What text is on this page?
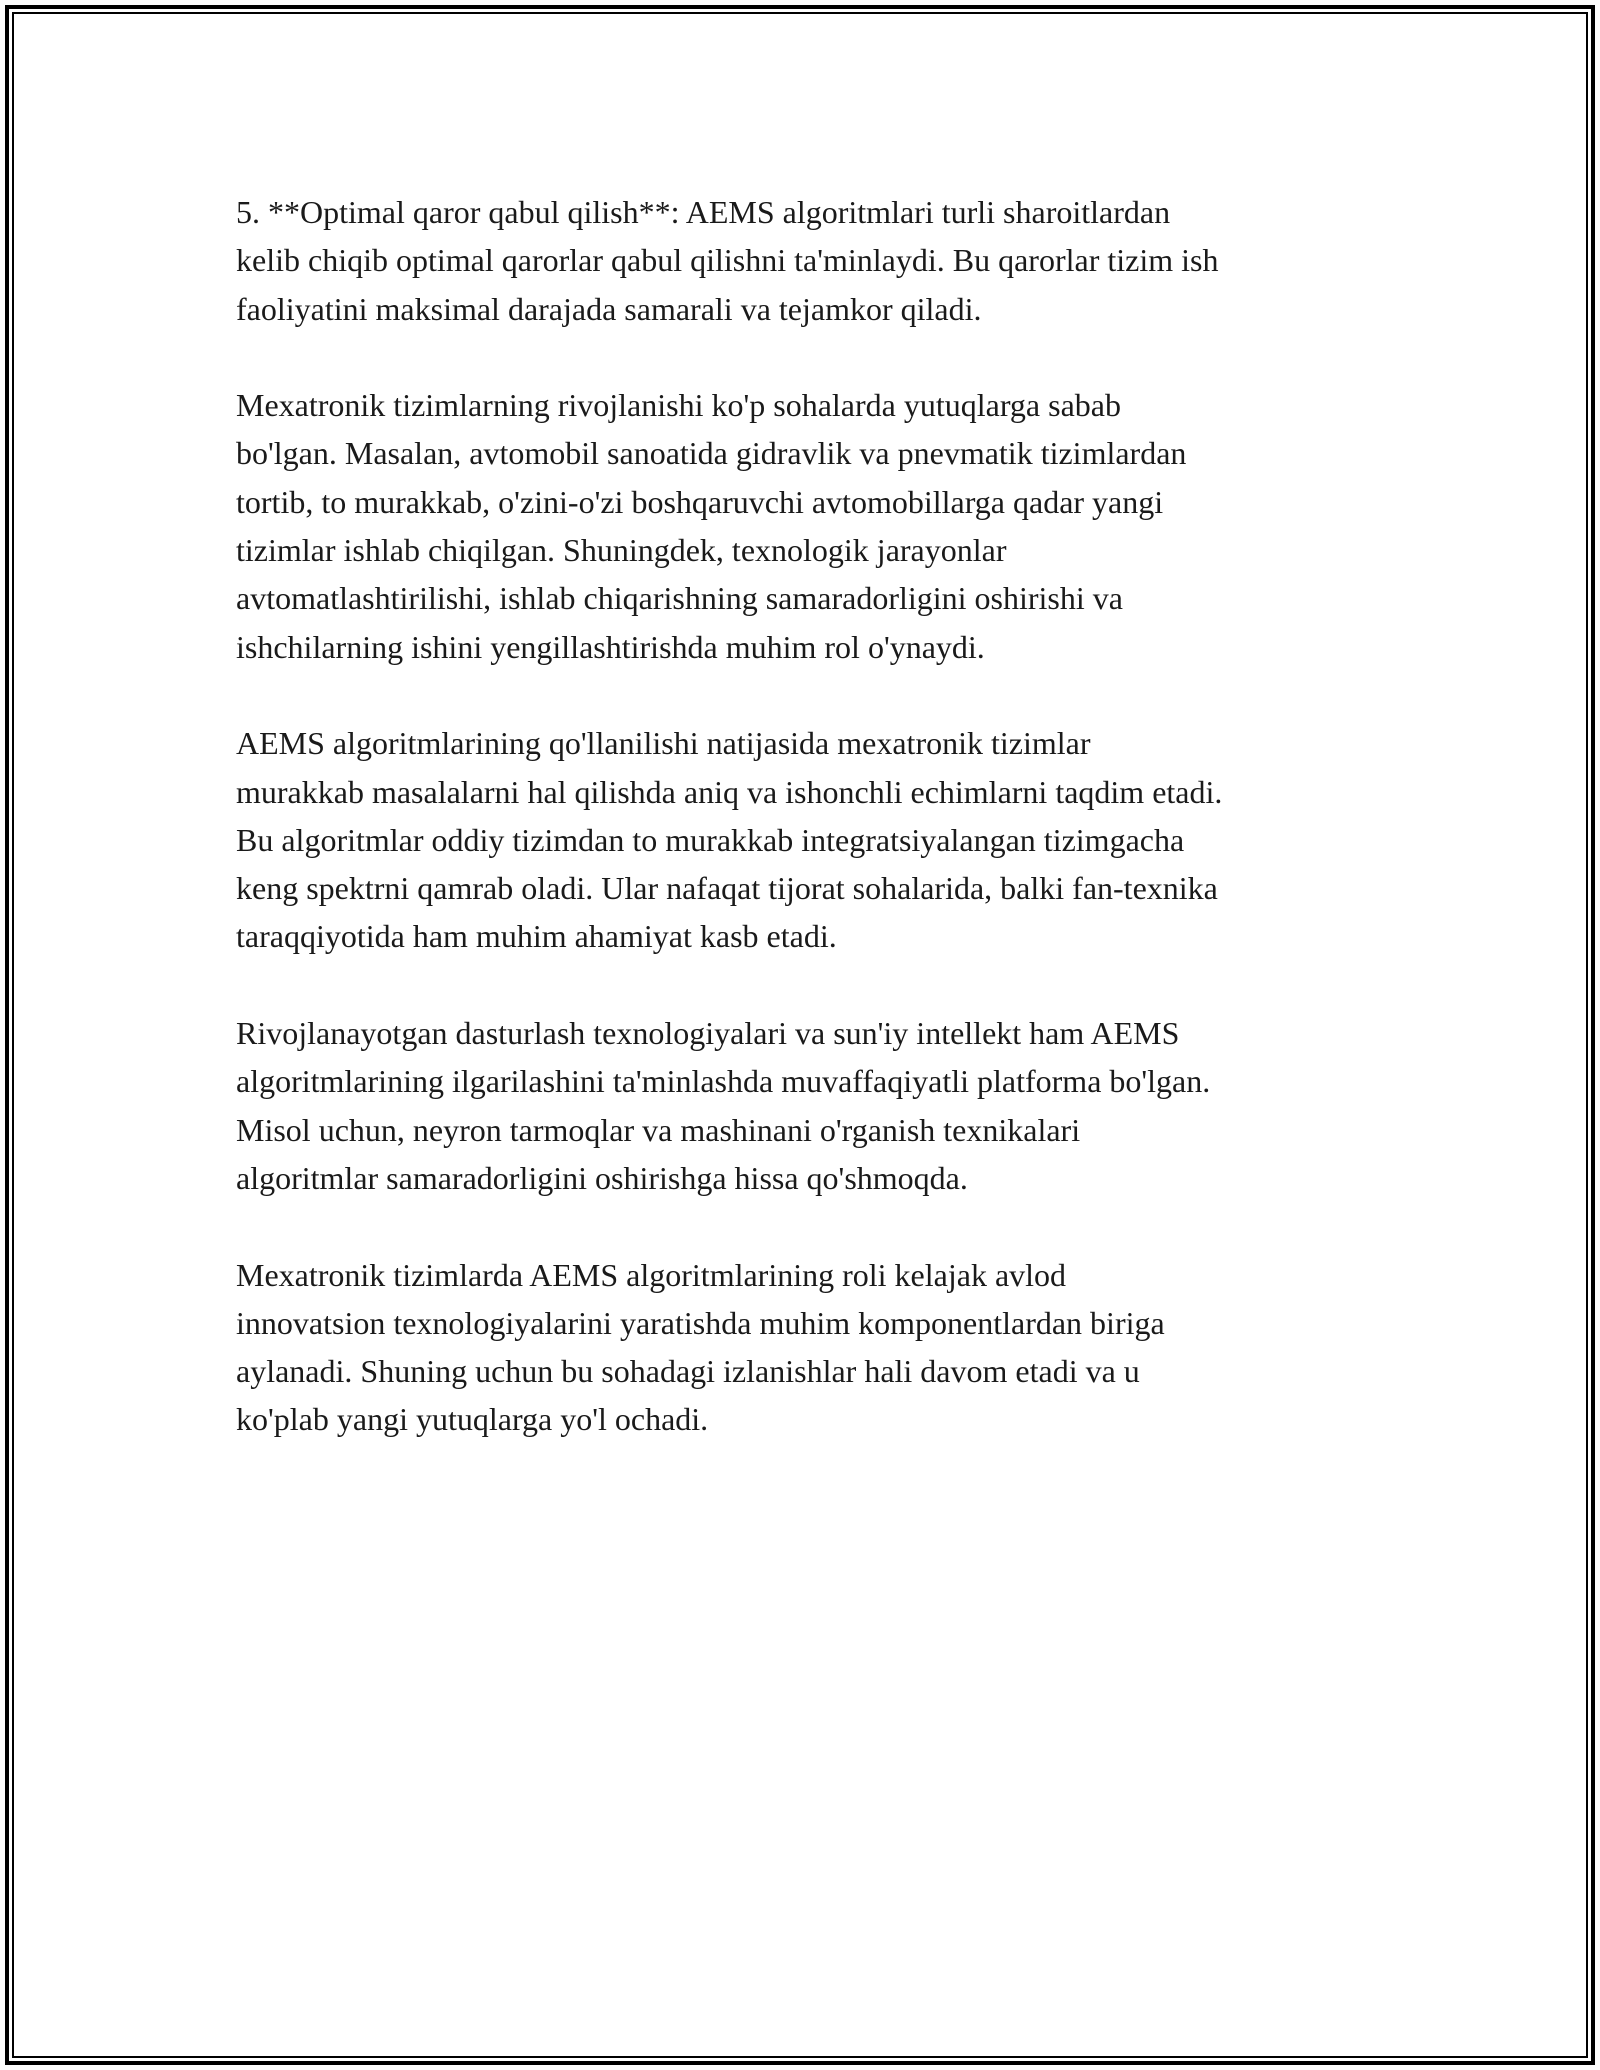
5. **Optimal qaror qabul qilish**: AEMS algoritmlari turli sharoitlardan
kelib chiqib optimal qarorlar qabul qilishni ta'minlaydi. Bu qarorlar tizim ish
faoliyatini maksimal darajada samarali va tejamkor qiladi.

Mexatronik tizimlarning rivojlanishi ko'p sohalarda yutuqlarga sabab
bo'lgan. Masalan, avtomobil sanoatida gidravlik va pnevmatik tizimlardan
tortib, to murakkab, o'zini-o'zi boshqaruvchi avtomobillarga qadar yangi
tizimlar ishlab chiqilgan. Shuningdek, texnologik jarayonlar
avtomatlashtirilishi, ishlab chiqarishning samaradorligini oshirishi va
ishchilarning ishini yengillashtirishda muhim rol o'ynaydi.

AEMS algoritmlarining qo'llanilishi natijasida mexatronik tizimlar
murakkab masalalarni hal qilishda aniq va ishonchli echimlarni taqdim etadi.
Bu algoritmlar oddiy tizimdan to murakkab integratsiyalangan tizimgacha
keng spektrni qamrab oladi. Ular nafaqat tijorat sohalarida, balki fan-texnika
taraqqiyotida ham muhim ahamiyat kasb etadi.

Rivojlanayotgan dasturlash texnologiyalari va sun'iy intellekt ham AEMS
algoritmlarining ilgarilashini ta'minlashda muvaffaqiyatli platforma bo'lgan.
Misol uchun, neyron tarmoqlar va mashinani o'rganish texnikalari
algoritmlar samaradorligini oshirishga hissa qo'shmoqda.

Mexatronik tizimlarda AEMS algoritmlarining roli kelajak avlod
innovatsion texnologiyalarini yaratishda muhim komponentlardan biriga
aylanadi. Shuning uchun bu sohadagi izlanishlar hali davom etadi va u
ko'plab yangi yutuqlarga yo'l ochadi.
